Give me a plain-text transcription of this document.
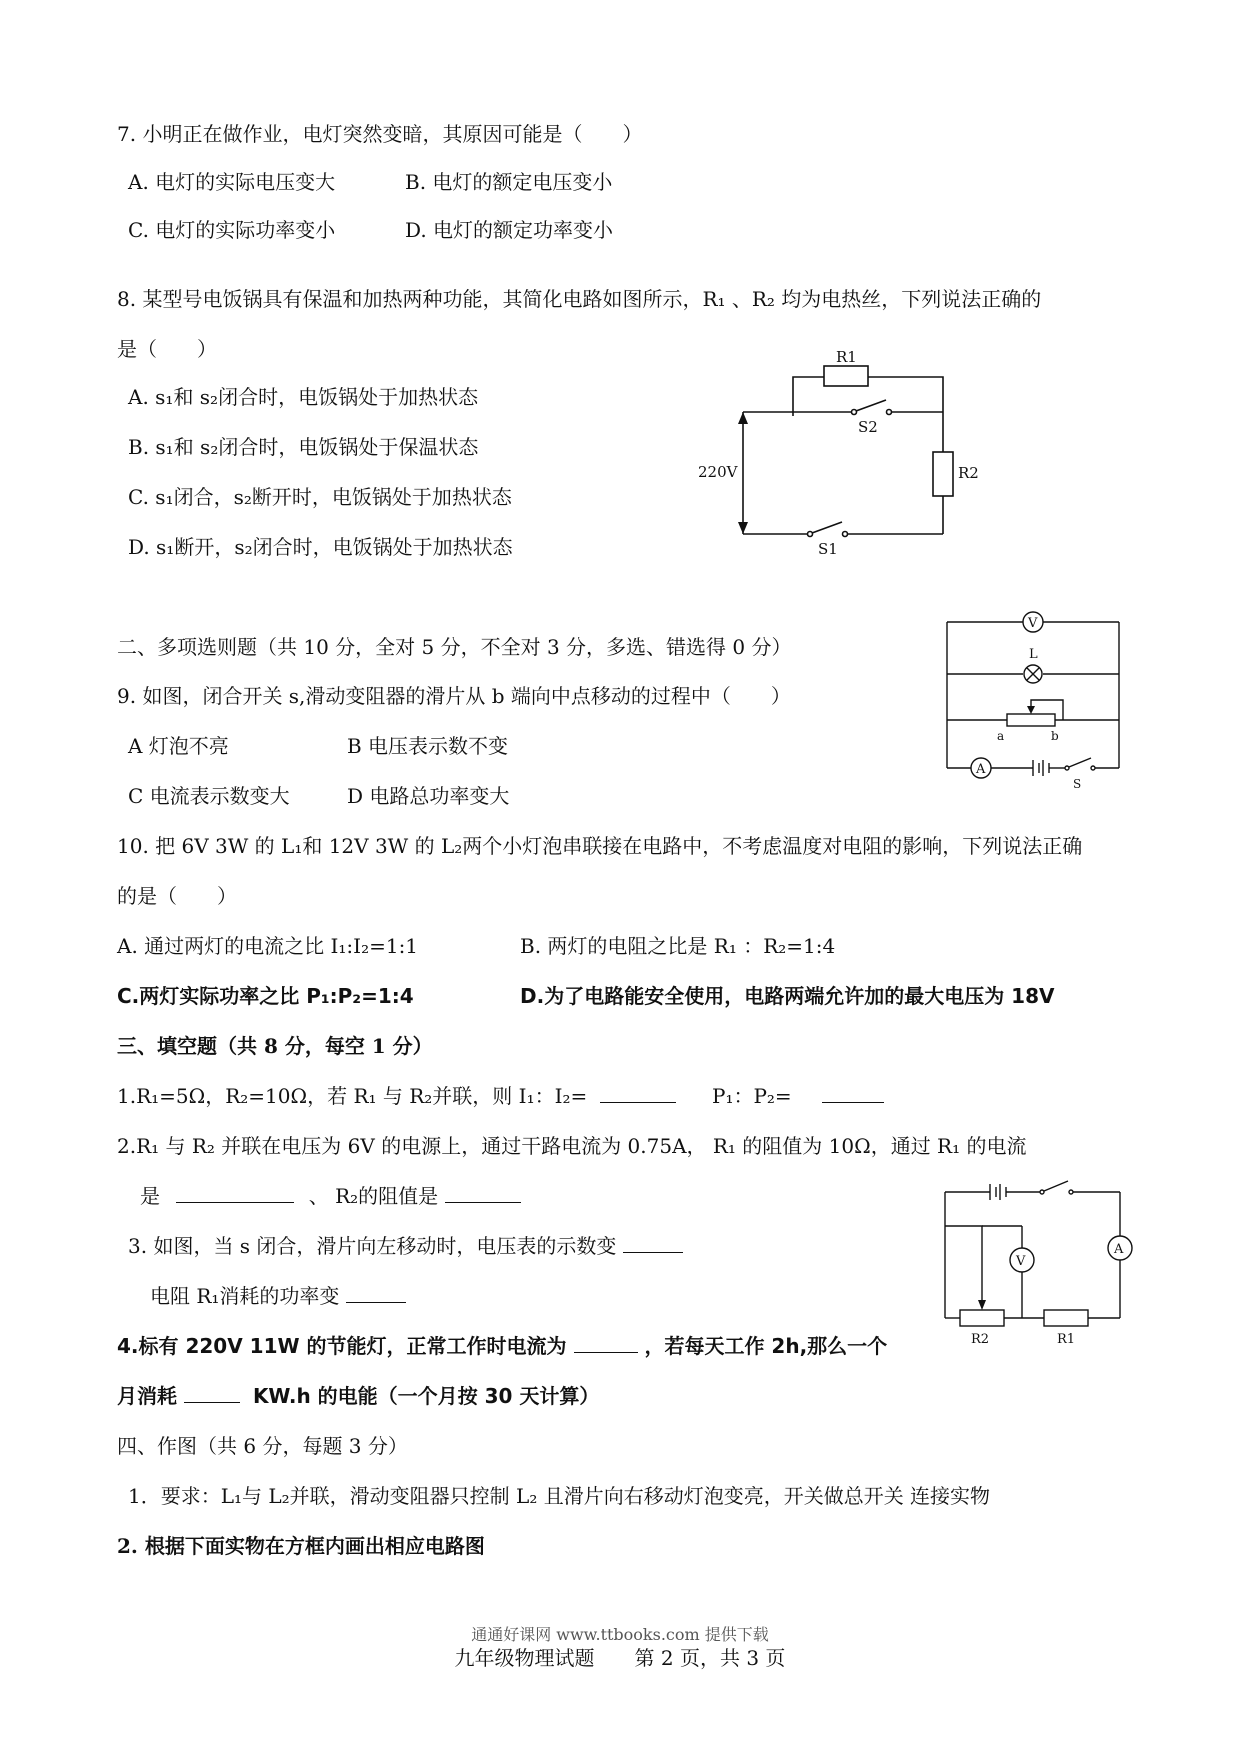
7. 小明正在做作业，电灯突然变暗，其原因可能是（　　）
A. 电灯的实际电压变大	B. 电灯的额定电压变小
C. 电灯的实际功率变小	D. 电灯的额定功率变小
8. 某型号电饭锅具有保温和加热两种功能，其简化电路如图所示，R₁ 、R₂ 均为电热丝，下列说法正确的
是（　　）
A. s₁和 s₂闭合时，电饭锅处于加热状态
B. s₁和 s₂闭合时，电饭锅处于保温状态
C. s₁闭合，s₂断开时，电饭锅处于加热状态
D. s₁断开，s₂闭合时，电饭锅处于加热状态
R1
S2
R2
220V
S1
二、多项选则题（共 10 分，全对 5 分，不全对 3 分，多选、错选得 0 分）
9. 如图，闭合开关 s,滑动变阻器的滑片从 b 端向中点移动的过程中（　　）
A 灯泡不亮	B 电压表示数不变
C 电流表示数变大	D 电路总功率变大
V
L
a	b
A
S
10. 把 6V 3W 的 L₁和 12V 3W 的 L₂两个小灯泡串联接在电路中，不考虑温度对电阻的影响，下列说法正确
的是（　　）
A. 通过两灯的电流之比 I₁:I₂=1:1	B. 两灯的电阻之比是 R₁ ：R₂=1:4
C.两灯实际功率之比 P₁:P₂=1:4	D.为了电路能安全使用，电路两端允许加的最大电压为 18V
三、填空题（共 8 分，每空 1 分）
1.R₁=5Ω，R₂=10Ω，若 R₁ 与 R₂并联，则 I₁：I₂=	P₁：P₂=
2.R₁ 与 R₂ 并联在电压为 6V 的电源上，通过干路电流为 0.75A， R₁ 的阻值为 10Ω，通过 R₁ 的电流
是	、 R₂的阻值是
3. 如图，当 s 闭合，滑片向左移动时，电压表的示数变
电阻 R₁消耗的功率变
V
A
R2	R1
4.标有 220V 11W 的节能灯，正常工作时电流为	，若每天工作 2h,那么一个
月消耗	KW.h 的电能（一个月按 30 天计算）
四、作图（共 6 分，每题 3 分）
1．要求：L₁与 L₂并联，滑动变阻器只控制 L₂ 且滑片向右移动灯泡变亮，开关做总开关 连接实物
2. 根据下面实物在方框内画出相应电路图
通通好课网 www.ttbooks.com 提供下载
九年级物理试题　　第 2 页，共 3 页
